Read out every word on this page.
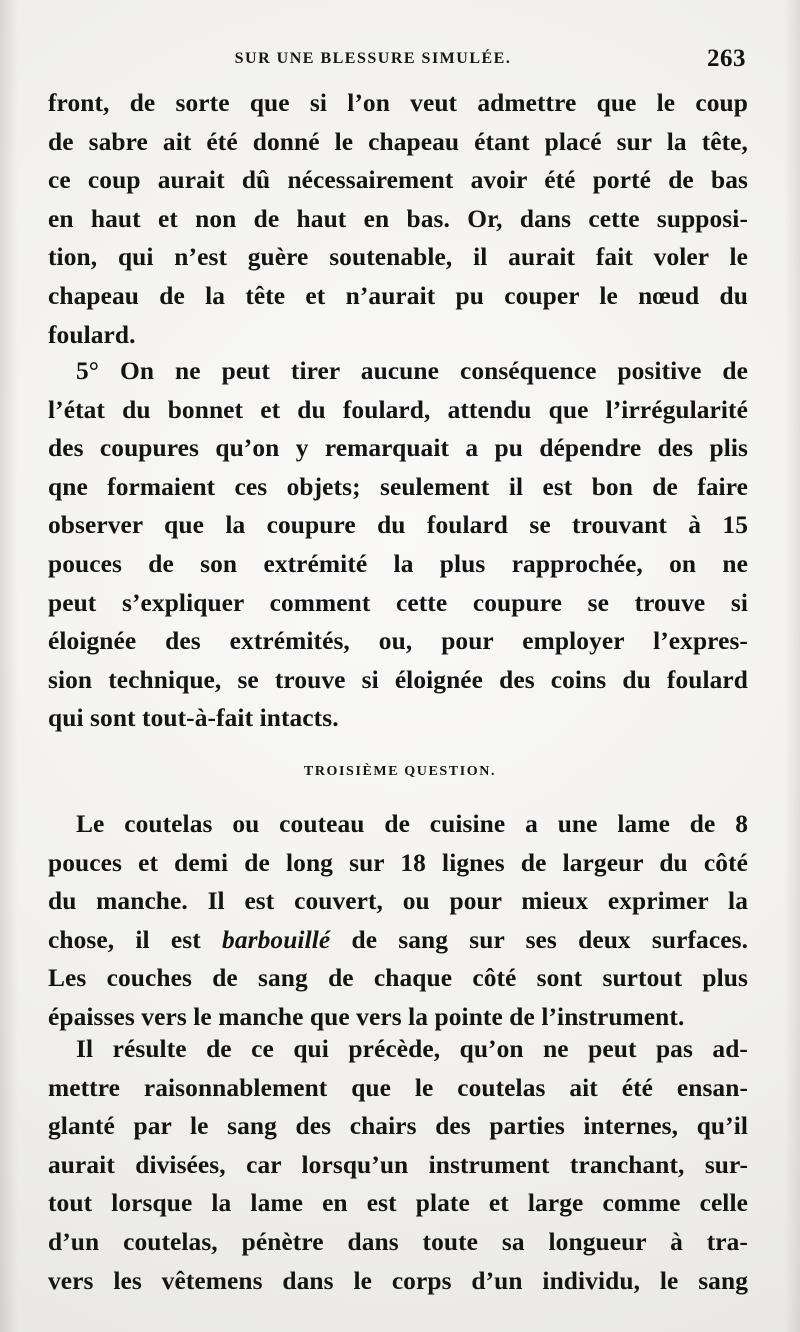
SUR UNE BLESSURE SIMULÉE.	263
front, de sorte que si l’on veut admettre que le coup
de sabre ait été donné le chapeau étant placé sur la tête,
ce coup aurait dû nécessairement avoir été porté de bas
en haut et non de haut en bas. Or, dans cette supposi-
tion, qui n’est guère soutenable, il aurait fait voler le
chapeau de la tête et n’aurait pu couper le nœud du
foulard.
5° On ne peut tirer aucune conséquence positive de
l’état du bonnet et du foulard, attendu que l’irrégularité
des coupures qu’on y remarquait a pu dépendre des plis
qne formaient ces objets; seulement il est bon de faire
observer que la coupure du foulard se trouvant à 15
pouces de son extrémité la plus rapprochée, on ne
peut s’expliquer comment cette coupure se trouve si
éloignée des extrémités, ou, pour employer l’expres-
sion technique, se trouve si éloignée des coins du foulard
qui sont tout-à-fait intacts.
TROISIÈME QUESTION.
Le coutelas ou couteau de cuisine a une lame de 8
pouces et demi de long sur 18 lignes de largeur du côté
du manche. Il est couvert, ou pour mieux exprimer la
chose, il est barbouillé de sang sur ses deux surfaces.
Les couches de sang de chaque côté sont surtout plus
épaisses vers le manche que vers la pointe de l’instrument.
Il résulte de ce qui précède, qu’on ne peut pas ad-
mettre raisonnablement que le coutelas ait été ensan-
glanté par le sang des chairs des parties internes, qu’il
aurait divisées, car lorsqu’un instrument tranchant, sur-
tout lorsque la lame en est plate et large comme celle
d’un coutelas, pénètre dans toute sa longueur à tra-
vers les vêtemens dans le corps d’un individu, le sang
